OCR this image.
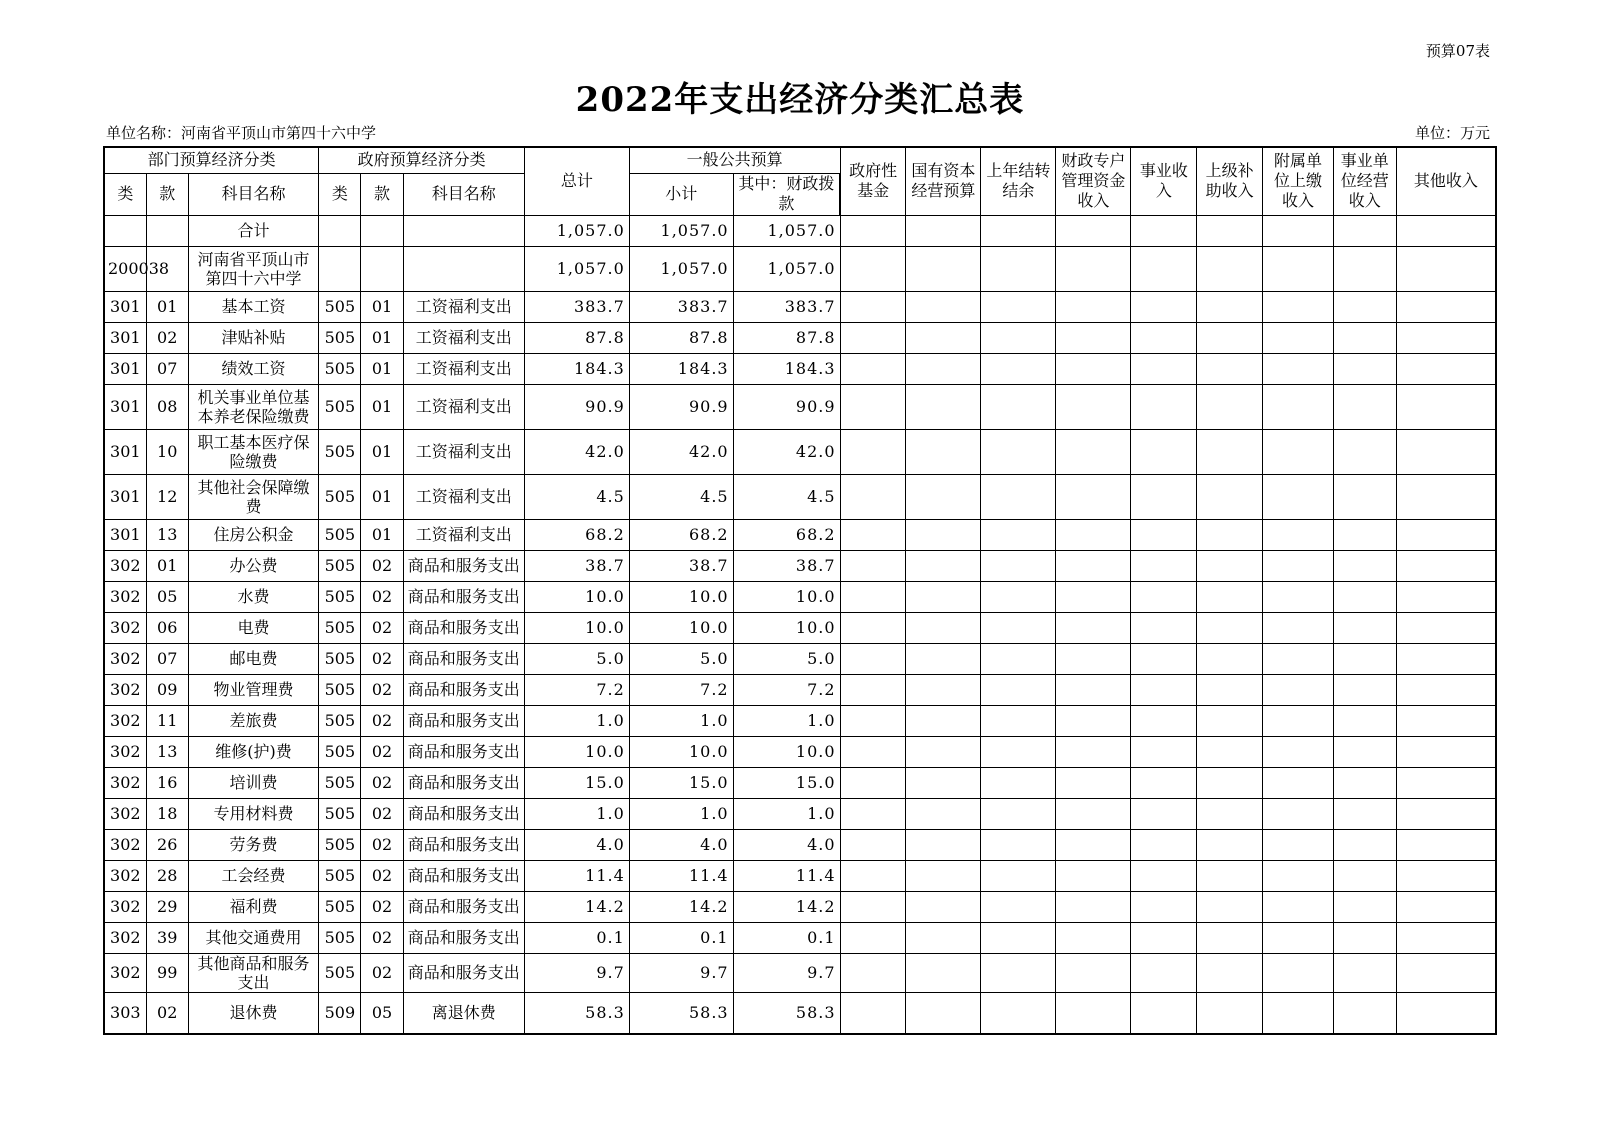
预算07表
2022年支出经济分类汇总表
单位名称：河南省平顶山市第四十六中学	单位：万元
部门预算经济分类			政府预算经济分类			总计	一般公共预算		政府性基金	国有资本经营预算	上年结转结余	财政专户管理资金收入	事业收入	上级补助收入	附属单位上缴收入	事业单位经营收入	其他收入
类	款	科目名称	类	款	科目名称		小计	其中：财政拨款									
		合计				1,057.0	1,057.0	1,057.0									
200038		河南省平顶山市第四十六中学				1,057.0	1,057.0	1,057.0									
301	01	基本工资	505	01	工资福利支出	383.7	383.7	383.7									
301	02	津贴补贴	505	01	工资福利支出	87.8	87.8	87.8									
301	07	绩效工资	505	01	工资福利支出	184.3	184.3	184.3									
301	08	机关事业单位基本养老保险缴费	505	01	工资福利支出	90.9	90.9	90.9									
301	10	职工基本医疗保险缴费	505	01	工资福利支出	42.0	42.0	42.0									
301	12	其他社会保障缴费	505	01	工资福利支出	4.5	4.5	4.5									
301	13	住房公积金	505	01	工资福利支出	68.2	68.2	68.2									
302	01	办公费	505	02	商品和服务支出	38.7	38.7	38.7									
302	05	水费	505	02	商品和服务支出	10.0	10.0	10.0									
302	06	电费	505	02	商品和服务支出	10.0	10.0	10.0									
302	07	邮电费	505	02	商品和服务支出	5.0	5.0	5.0									
302	09	物业管理费	505	02	商品和服务支出	7.2	7.2	7.2									
302	11	差旅费	505	02	商品和服务支出	1.0	1.0	1.0									
302	13	维修(护)费	505	02	商品和服务支出	10.0	10.0	10.0									
302	16	培训费	505	02	商品和服务支出	15.0	15.0	15.0									
302	18	专用材料费	505	02	商品和服务支出	1.0	1.0	1.0									
302	26	劳务费	505	02	商品和服务支出	4.0	4.0	4.0									
302	28	工会经费	505	02	商品和服务支出	11.4	11.4	11.4									
302	29	福利费	505	02	商品和服务支出	14.2	14.2	14.2									
302	39	其他交通费用	505	02	商品和服务支出	0.1	0.1	0.1									
302	99	其他商品和服务支出	505	02	商品和服务支出	9.7	9.7	9.7									
303	02	退休费	509	05	离退休费	58.3	58.3	58.3									
